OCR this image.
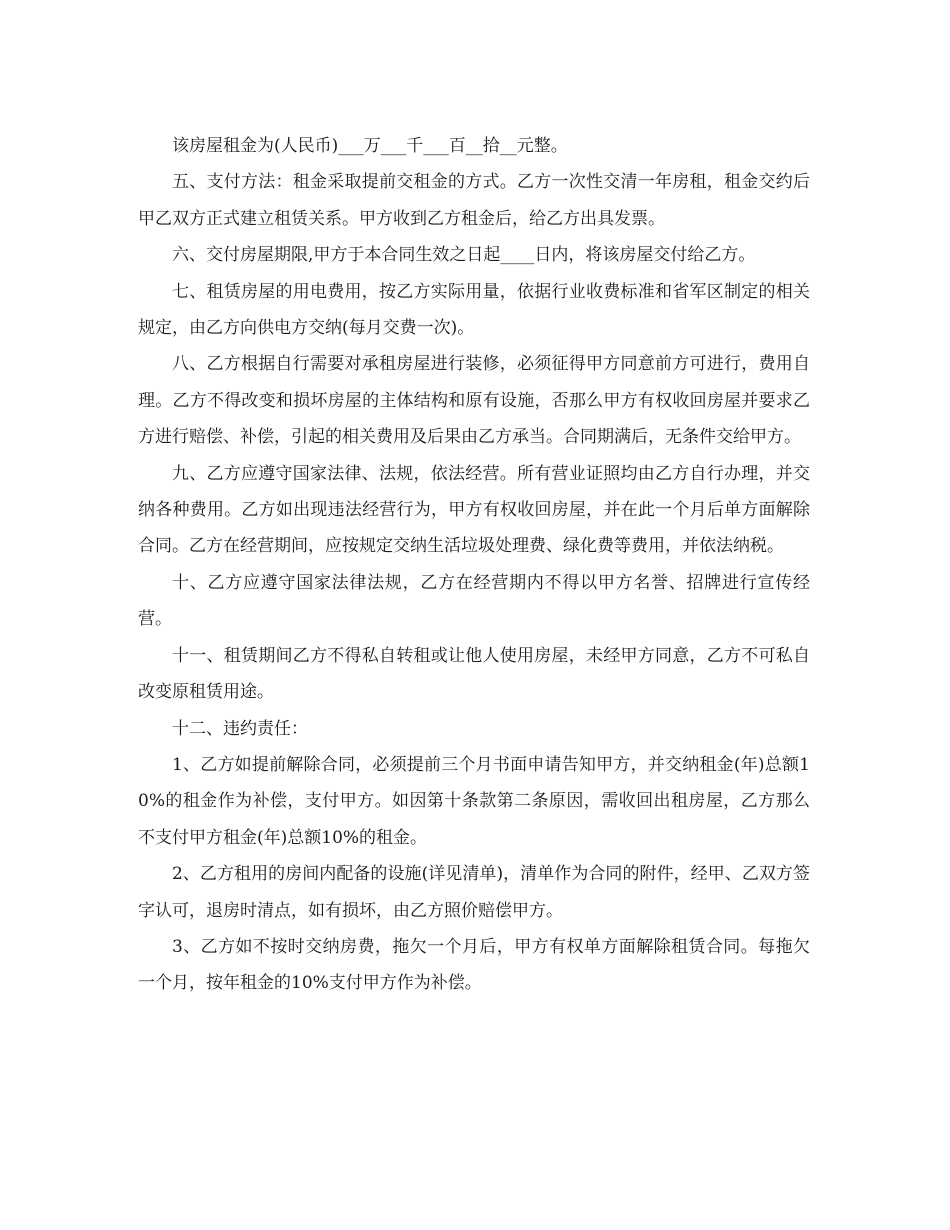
该房屋租金为(人民币)___万___千___百__拾__元整。

五、支付方法：租金采取提前交租金的方式。乙方一次性交清一年房租，租金交约后甲乙双方正式建立租赁关系。甲方收到乙方租金后，给乙方出具发票。

六、交付房屋期限,甲方于本合同生效之日起____日内，将该房屋交付给乙方。

七、租赁房屋的用电费用，按乙方实际用量，依据行业收费标准和省军区制定的相关规定，由乙方向供电方交纳(每月交费一次)。

八、乙方根据自行需要对承租房屋进行装修，必须征得甲方同意前方可进行，费用自理。乙方不得改变和损坏房屋的主体结构和原有设施，否那么甲方有权收回房屋并要求乙方进行赔偿、补偿，引起的相关费用及后果由乙方承当。合同期满后，无条件交给甲方。

九、乙方应遵守国家法律、法规，依法经营。所有营业证照均由乙方自行办理，并交纳各种费用。乙方如出现违法经营行为，甲方有权收回房屋，并在此一个月后单方面解除合同。乙方在经营期间，应按规定交纳生活垃圾处理费、绿化费等费用，并依法纳税。

十、乙方应遵守国家法律法规，乙方在经营期内不得以甲方名誉、招牌进行宣传经营。

十一、租赁期间乙方不得私自转租或让他人使用房屋，未经甲方同意，乙方不可私自改变原租赁用途。

十二、违约责任：

1、乙方如提前解除合同，必须提前三个月书面申请告知甲方，并交纳租金(年)总额10%的租金作为补偿，支付甲方。如因第十条款第二条原因，需收回出租房屋，乙方那么不支付甲方租金(年)总额10%的租金。

2、乙方租用的房间内配备的设施(详见清单)，清单作为合同的附件，经甲、乙双方签字认可，退房时清点，如有损坏，由乙方照价赔偿甲方。

3、乙方如不按时交纳房费，拖欠一个月后，甲方有权单方面解除租赁合同。每拖欠一个月，按年租金的10%支付甲方作为补偿。
